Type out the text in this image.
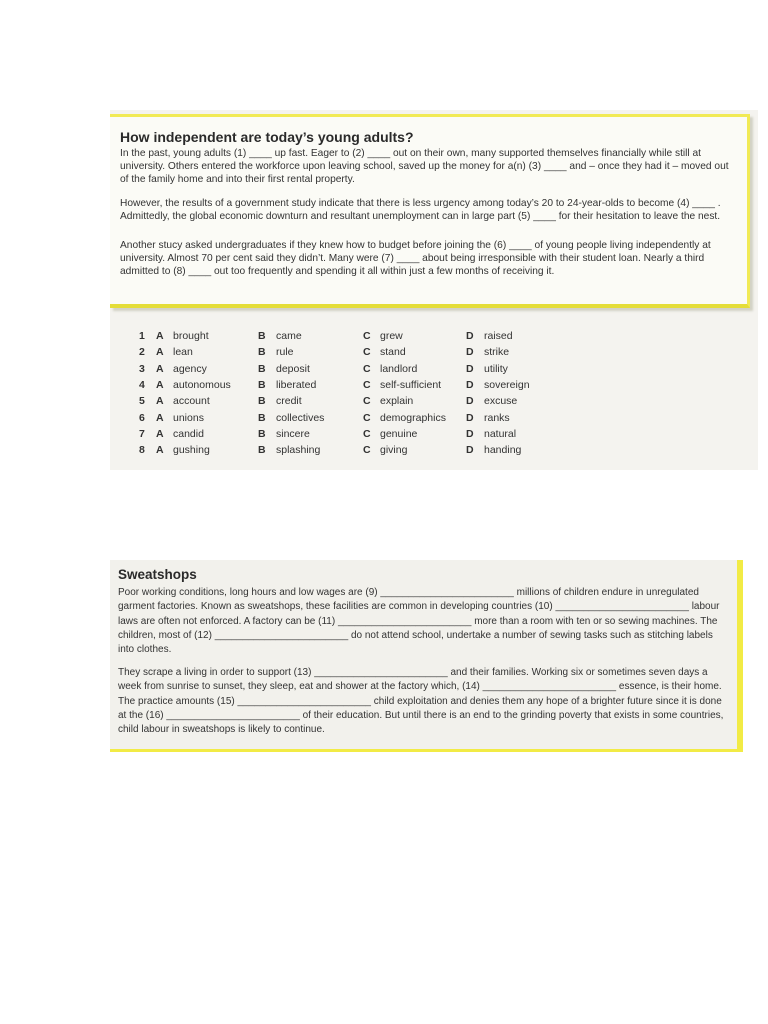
How independent are today’s young adults?
In the past, young adults (1) ____ up fast. Eager to (2) ____ out on their own, many supported themselves financially while still at university. Others entered the workforce upon leaving school, saved up the money for a(n) (3) ____ and – once they had it – moved out of the family home and into their first rental property.
However, the results of a government study indicate that there is less urgency among today’s 20 to 24-year-olds to become (4) ____ . Admittedly, the global economic downturn and resultant unemployment can in large part (5) ____ for their hesitation to leave the nest.
Another stucy asked undergraduates if they knew how to budget before joining the (6) ____ of young people living independently at university. Almost 70 per cent said they didn’t. Many were (7) ____ about being irresponsible with their student loan. Nearly a third admitted to (8) ____ out too frequently and spending it all within just a few months of receiving it.
1 A brought	B came	C grew	D raised
2 A lean	B rule	C stand	D strike
3 A agency	B deposit	C landlord	D utility
4 A autonomous	B liberated	C self-sufficient D sovereign
5 A account	B credit	C explain	D excuse
6 A unions	B collectives	C demographics D ranks
7 A candid	B sincere	C genuine	D natural
8 A gushing	B splashing	C giving	D handing
Sweatshops
Poor working conditions, long hours and low wages are (9) ________________________ millions of children endure in unregulated garment factories. Known as sweatshops, these facilities are common in developing countries (10) ________________________ labour laws are often not enforced. A factory can be (11) ________________________ more than a room with ten or so sewing machines. The children, most of (12) ________________________ do not attend school, undertake a number of sewing tasks such as stitching labels into clothes.
They scrape a living in order to support (13) ________________________ and their families. Working six or sometimes seven days a week from sunrise to sunset, they sleep, eat and shower at the factory which, (14) ________________________ essence, is their home. The practice amounts (15) ________________________ child exploitation and denies them any hope of a brighter future since it is done at the (16) ________________________ of their education. But until there is an end to the grinding poverty that exists in some countries, child labour in sweatshops is likely to continue.
